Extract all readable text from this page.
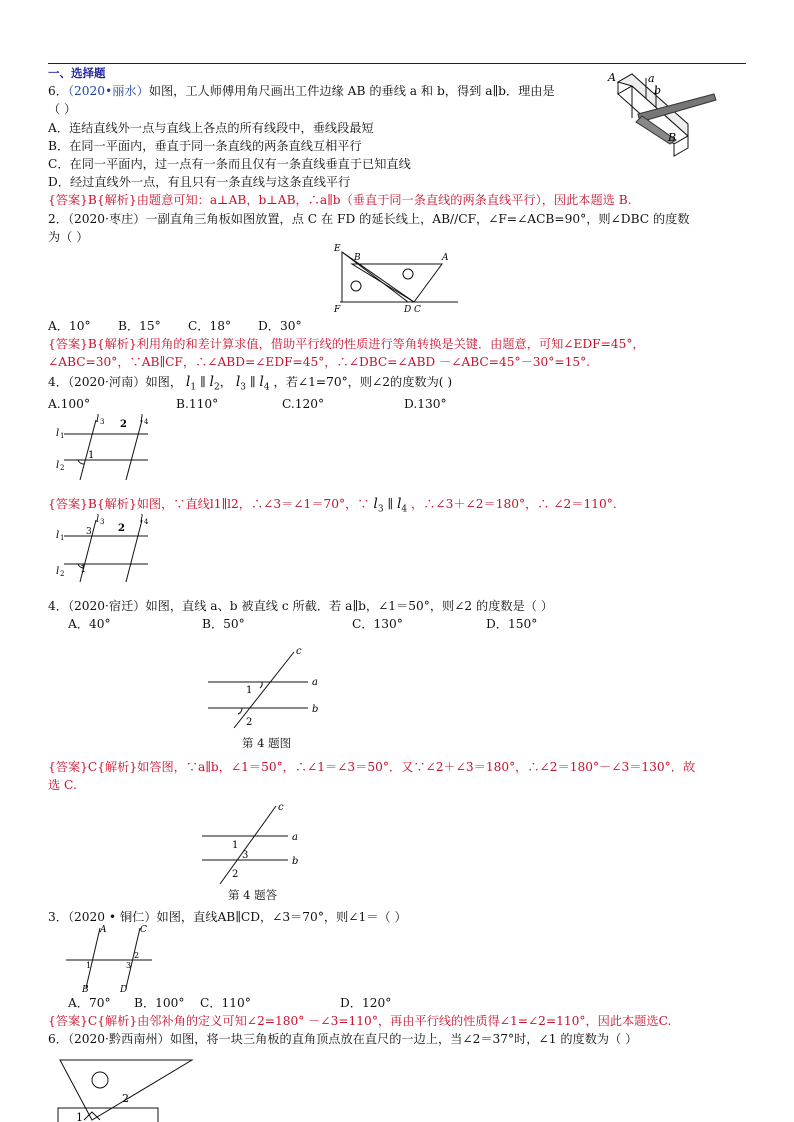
一、选择题
6．（2020•丽水）如图，工人师傅用角尺画出工件边缘 AB 的垂线 a 和 b，得到 a∥b．理由是
（ ）
A．连结直线外一点与直线上各点的所有线段中，垂线段最短
B．在同一平面内，垂直于同一条直线的两条直线互相平行
C．在同一平面内，过一点有一条而且仅有一条直线垂直于已知直线
D．经过直线外一点，有且只有一条直线与这条直线平行
{答案}B{解析}由题意可知：a⊥AB，b⊥AB，∴a∥b（垂直于同一条直线的两条直线平行），因此本题选 B.
A	a
b
B
2．（2020·枣庄）一副直角三角板如图放置，点 C 在 FD 的延长线上，AB//CF，∠F=∠ACB=90°，则∠DBC 的度数
为（ ）
E
B	A
F	D C
A．10° B．15° C．18° D．30°
{答案}B{解析}利用角的和差计算求值，借助平行线的性质进行等角转换是关键．由题意，可知∠EDF=45°，
∠ABC=30°，∵AB∥CF，∴∠ABD=∠EDF=45°，∴∠DBC=∠ABD －∠ABC=45°－30°=15°.
4．（2020·河南）如图， $l_1$ ∥ $l_2$， $l_3$ ∥ $l_4$ ，若∠1=70°，则∠2的度数为( )
A.100°	B.110°	C.120°	D.130°
l 1
l 2
l 3 2 l 4
1
{答案}B{解析}如图，∵直线l1∥l2，∴∠3＝∠1＝70°，∵ $l_3$ ∥ $l_4$ ，∴∠3＋∠2＝180°，∴ ∠2＝110°.
l 1
l 2
l 3
3	2
l 4
1
4．（2020·宿迁）如图，直线 a、b 被直线 c 所截．若 a∥b，∠1＝50°，则∠2 的度数是（ ）
A．40°	B．50°	C．130°	D．150°
c
a
b
1
2
第 4 题图
{答案}C{解析}如答图，∵a∥b，∠1＝50°，∴∠1＝∠3＝50°．又∵∠2＋∠3＝180°，∴∠2＝180°－∠3＝130°．故
选 C.
c
a
b
1
3
2
第 4 题答
3．（2020 • 铜仁）如图，直线AB∥CD，∠3＝70°，则∠1＝（ ）
A	C
1
2
3
B	D
A．70° B．100° C．110°	D．120°
{答案}C{解析}由邻补角的定义可知∠2=180° －∠3=110°，再由平行线的性质得∠1=∠2=110°，因此本题选C.
6．（2020·黔西南州）如图，将一块三角板的直角顶点放在直尺的一边上，当∠2＝37°时，∠1 的度数为（ ）
2
1
